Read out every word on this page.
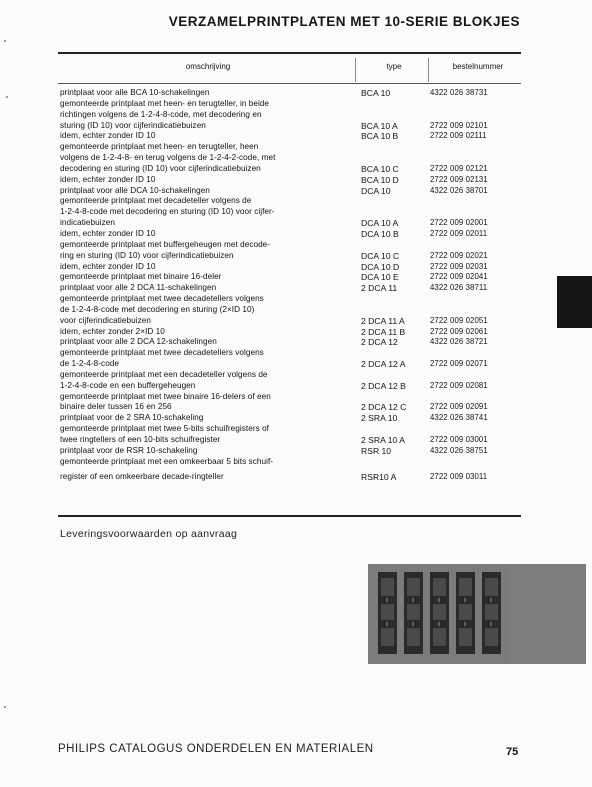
VERZAMELPRINTPLATEN MET 10-SERIE BLOKJES
omschrijving	type	bestelnummer
printplaat voor alle BCA 10-schakelingen	BCA 10	4322 026 38731
gemonteerde printplaat met heen- en terugteller, in beide
richtingen volgens de 1-2-4-8-code, met decodering en
sturing (ID 10) voor cijferindicatiebuizen	BCA 10 A	2722 009 02101
idem, echter zonder ID 10	BCA 10 B	2722 009 02111
gemonteerde printplaat met heen- en terugteller, heen
volgens de 1-2-4-8- en terug volgens de 1-2-4-2-code, met
decodering en sturing (ID 10) voor cijferindicatiebuizen	BCA 10 C	2722 009 02121
idem, echter zonder ID 10	BCA 10 D	2722 009 02131
printplaat voor alle DCA 10-schakelingen	DCA 10	4322 026 38701
gemonteerde printplaat met decadeteller volgens de
1-2-4-8-code met decodering en sturing (ID 10) voor cijfer-
indicatiebuizen	DCA 10 A	2722 009 02001
idem, echter zonder ID 10	DCA 10 B	2722 009 02011
gemonteerde printplaat met buffergeheugen met decode-
ring en sturing (ID 10) voor cijferindicatiebuizen	DCA 10 C	2722 009 02021
idem, echter zonder ID 10	DCA 10 D	2722 009 02031
gemonteerde printplaat met binaire 16-deler	DCA 10 E	2722 009 02041
printplaat voor alle 2 DCA 11-schakelingen	2 DCA 11	4322 026 38711
gemonteerde printplaat met twee decadetellers volgens
de 1-2-4-8-code met decodering en sturing (2×ID 10)
voor cijferindicatiebuizen	2 DCA 11 A	2722 009 02051
idem, echter zonder 2×ID 10	2 DCA 11 B	2722 009 02061
printplaat voor alle 2 DCA 12-schakelingen	2 DCA 12	4322 026 38721
gemonteerde printplaat met twee decadetellers volgens
de 1-2-4-8-code	2 DCA 12 A	2722 009 02071
gemonteerde printplaat met een decadeteller volgens de
1-2-4-8-code en een buffergeheugen	2 DCA 12 B	2722 009 02081
gemonteerde printplaat met twee binaire 16-delers of een
binaire deler tussen 16 en 256	2 DCA 12 C	2722 009 02091
printplaat voor de 2 SRA 10-schakeling	2 SRA 10	4322 026 38741
gemonteerde printplaat met twee 5-bits schuifregisters of
twee ringtellers of een 10-bits schuifregister	2 SRA 10 A	2722 009 03001
printplaat voor de RSR 10-schakeling	RSR 10	4322 026 38751
gemonteerde printplaat met een omkeerbaar 5 bits schuif-
register of een omkeerbare decade-ringteller	RSR10 A	2722 009 03011
Leveringsvoorwaarden op aanvraag
PHILIPS CATALOGUS ONDERDELEN EN MATERIALEN	75
